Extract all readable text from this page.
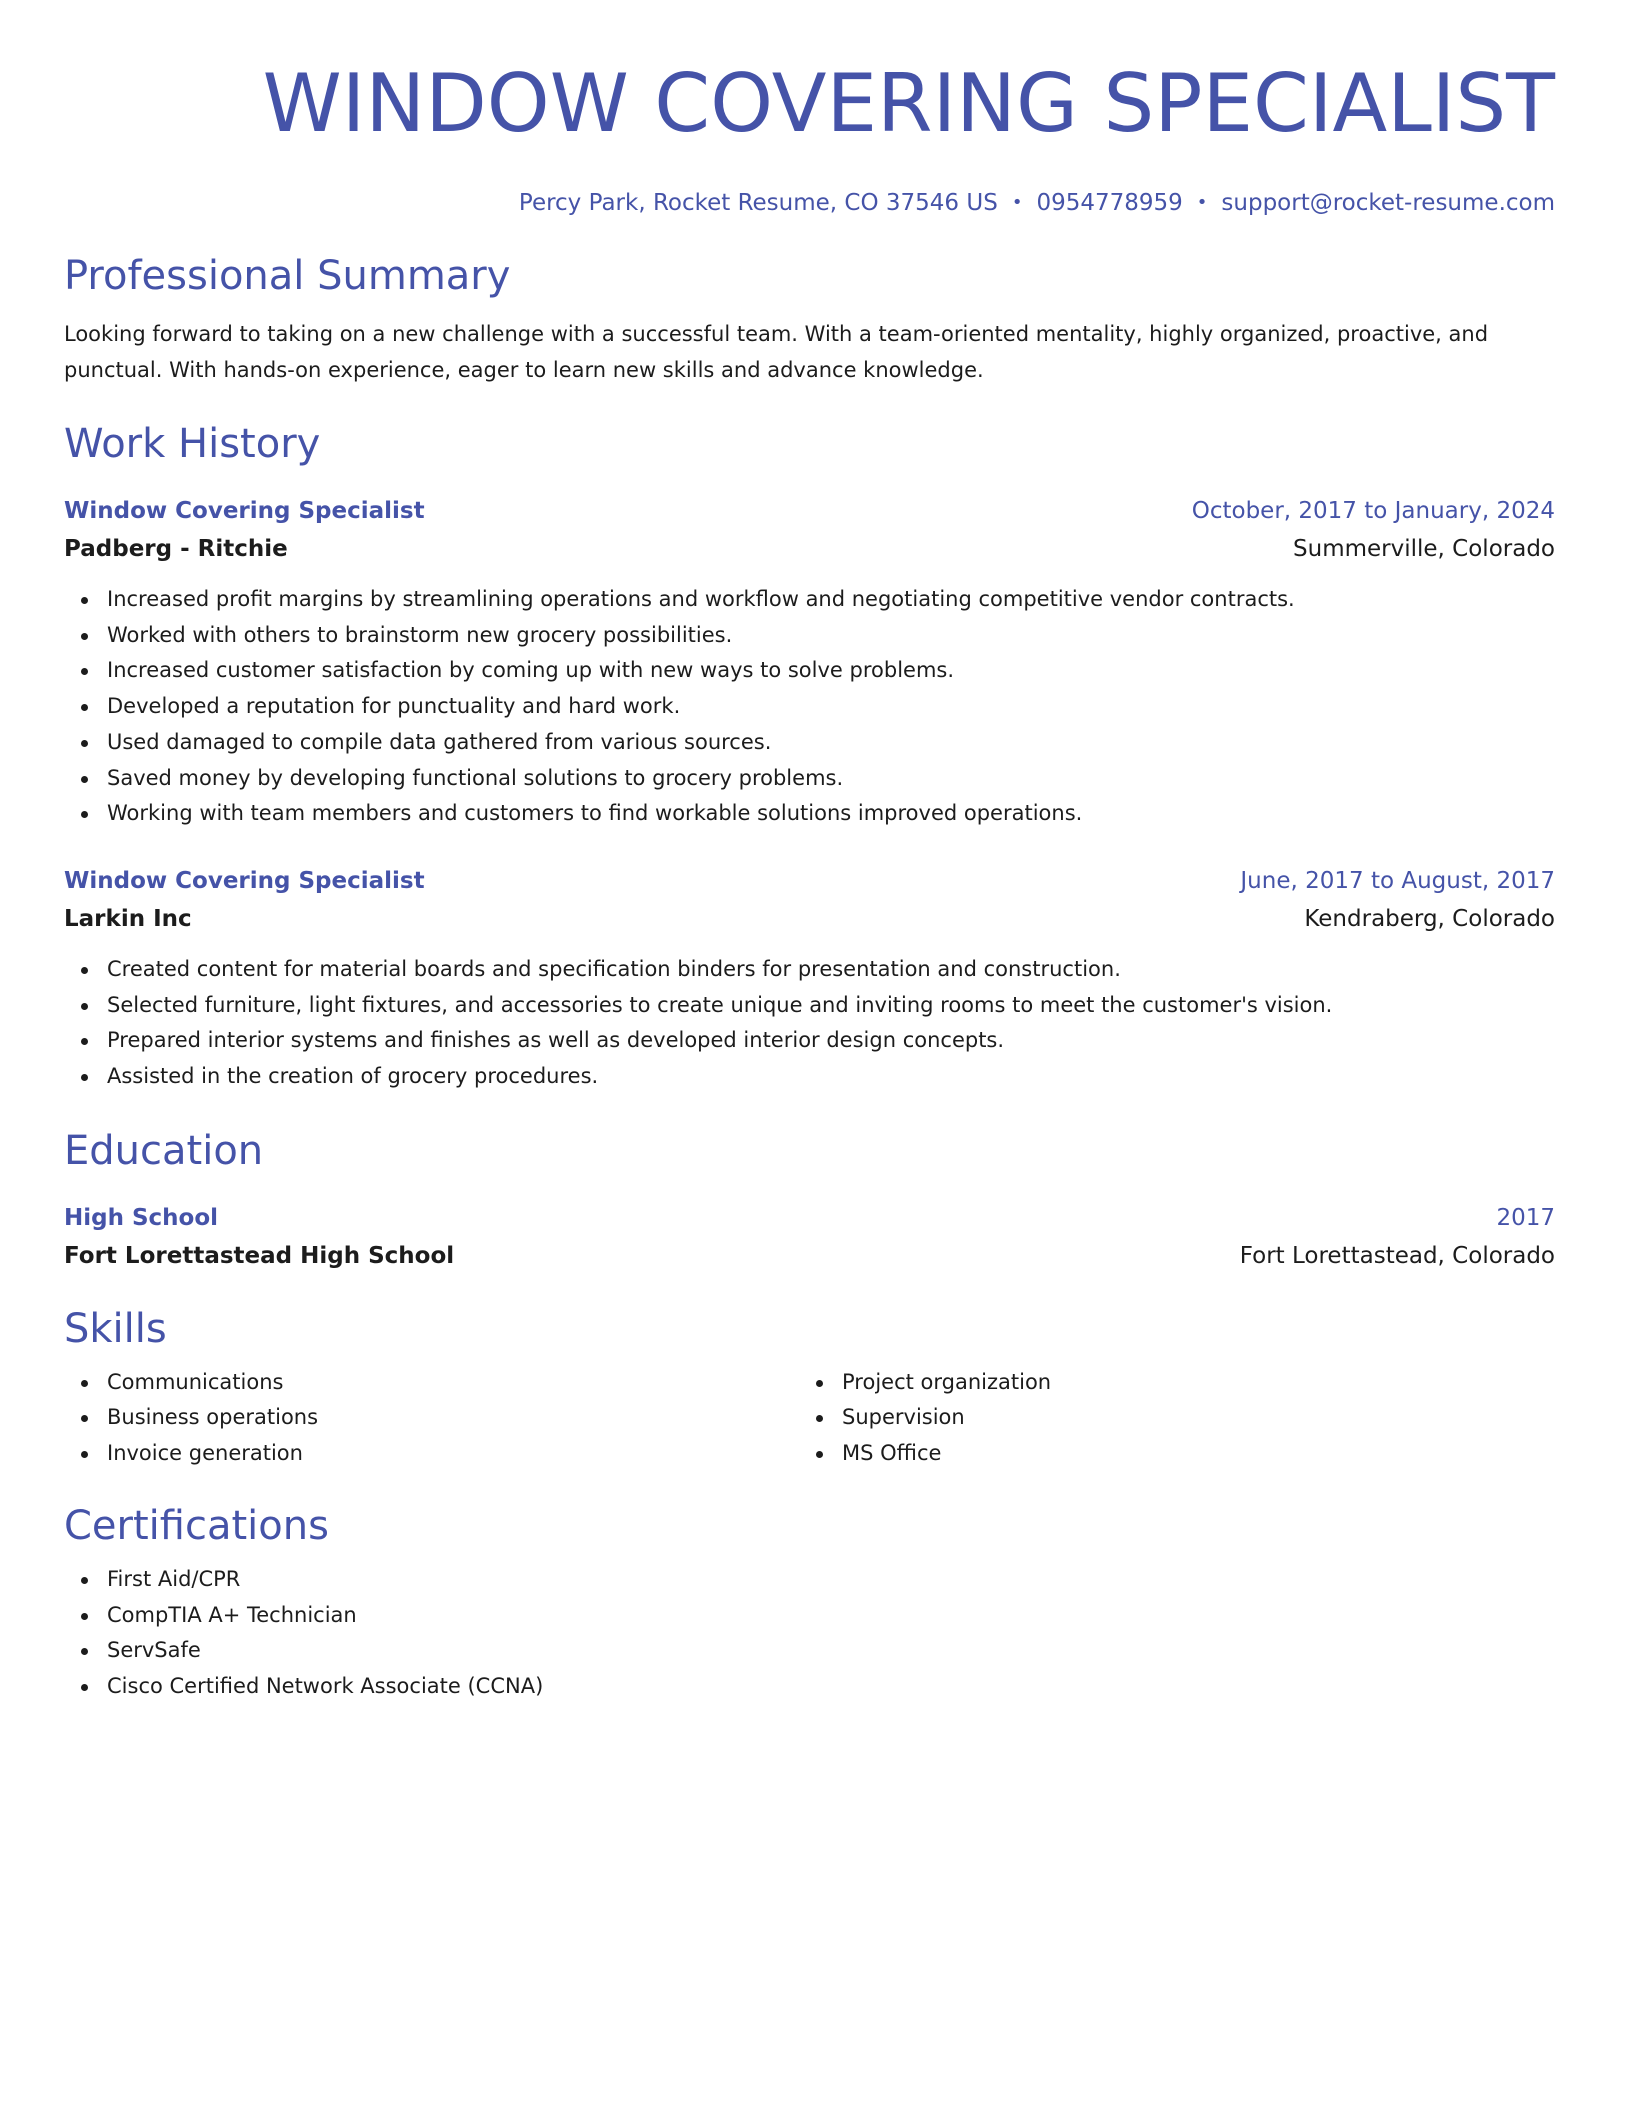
WINDOW COVERING SPECIALIST
Percy Park, Rocket Resume, CO 37546 US • 0954778959 • support@rocket-resume.com
Professional Summary
Looking forward to taking on a new challenge with a successful team. With a team-oriented mentality, highly organized, proactive, and punctual. With hands-on experience, eager to learn new skills and advance knowledge.
Work History
Window Covering Specialist	October, 2017 to January, 2024
Padberg - Ritchie	Summerville, Colorado
Increased profit margins by streamlining operations and workflow and negotiating competitive vendor contracts.
Worked with others to brainstorm new grocery possibilities.
Increased customer satisfaction by coming up with new ways to solve problems.
Developed a reputation for punctuality and hard work.
Used damaged to compile data gathered from various sources.
Saved money by developing functional solutions to grocery problems.
Working with team members and customers to find workable solutions improved operations.
Window Covering Specialist	June, 2017 to August, 2017
Larkin Inc	Kendraberg, Colorado
Created content for material boards and specification binders for presentation and construction.
Selected furniture, light fixtures, and accessories to create unique and inviting rooms to meet the customer's vision.
Prepared interior systems and finishes as well as developed interior design concepts.
Assisted in the creation of grocery procedures.
Education
High School	2017
Fort Lorettastead High School	Fort Lorettastead, Colorado
Skills
Communications
Business operations
Invoice generation
Project organization
Supervision
MS Office
Certifications
First Aid/CPR
CompTIA A+ Technician
ServSafe
Cisco Certified Network Associate (CCNA)
